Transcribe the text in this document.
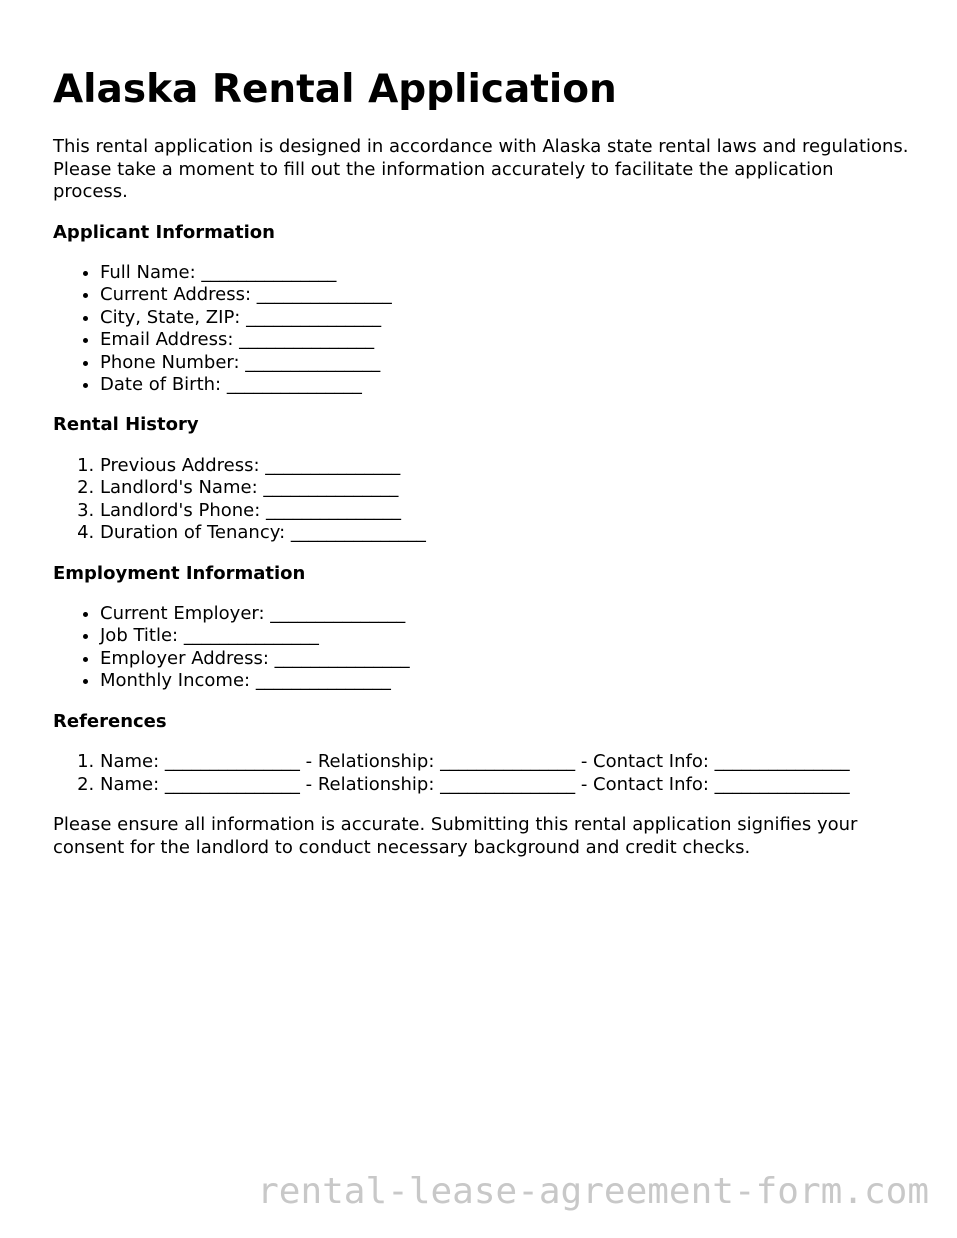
Alaska Rental Application

This rental application is designed in accordance with Alaska state rental laws and regulations. Please take a moment to fill out the information accurately to facilitate the application process.

Applicant Information
• Full Name: _______________
• Current Address: _______________
• City, State, ZIP: _______________
• Email Address: _______________
• Phone Number: _______________
• Date of Birth: _______________
Rental History
1. Previous Address: _______________
2. Landlord's Name: _______________
3. Landlord's Phone: _______________
4. Duration of Tenancy: _______________
Employment Information
• Current Employer: _______________
• Job Title: _______________
• Employer Address: _______________
• Monthly Income: _______________
References
1. Name: _______________ - Relationship: _______________ - Contact Info: _______________
2. Name: _______________ - Relationship: _______________ - Contact Info: _______________

Please ensure all information is accurate. Submitting this rental application signifies your consent for the landlord to conduct necessary background and credit checks.

rental-lease-agreement-form.com
